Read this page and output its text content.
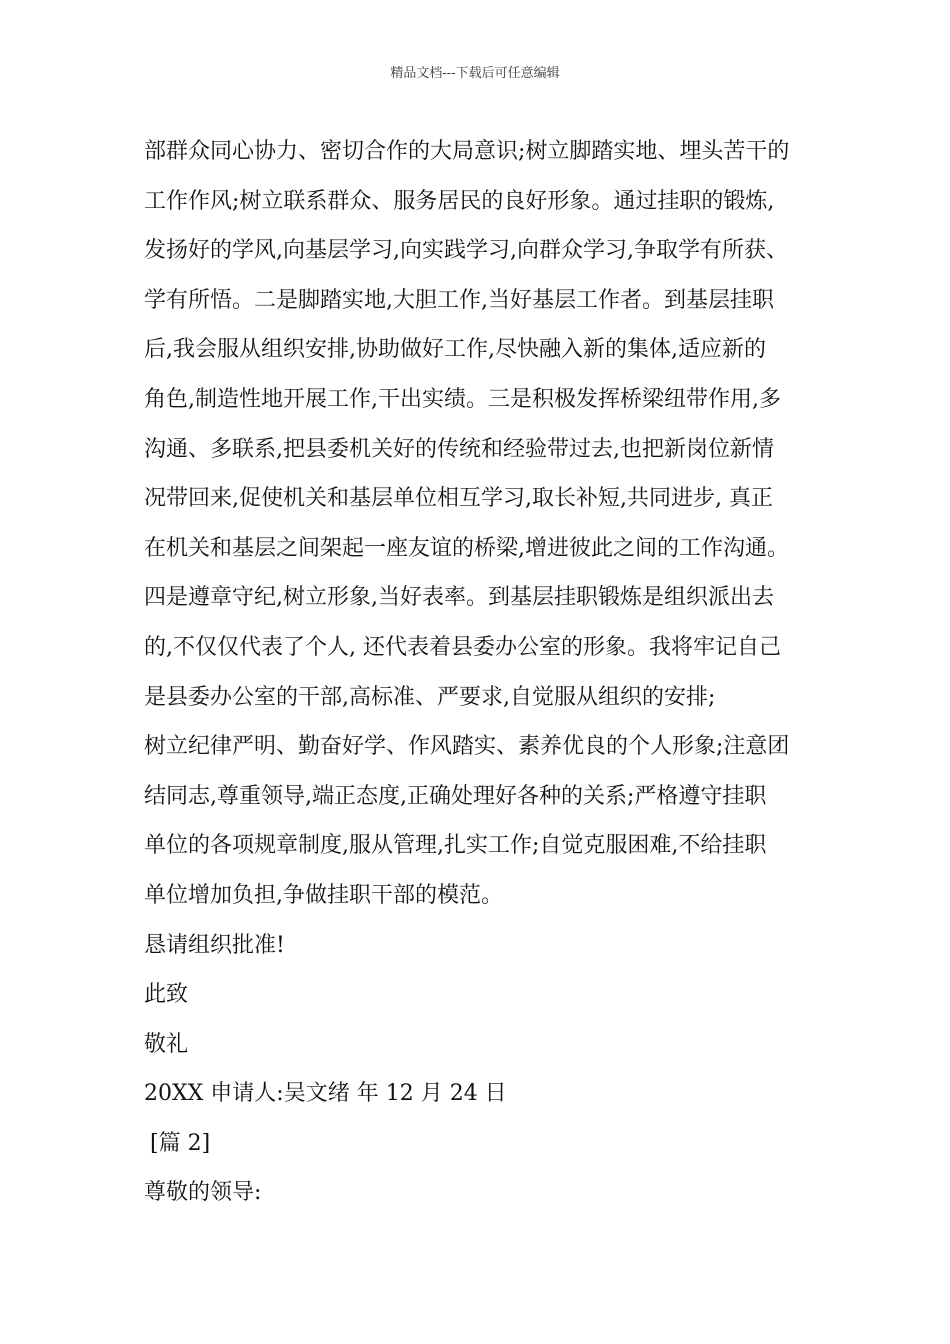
精品文档---下载后可任意编辑
部群众同心协力、密切合作的大局意识;树立脚踏实地、埋头苦干的
工作作风;树立联系群众、服务居民的良好形象。通过挂职的锻炼,
发扬好的学风,向基层学习,向实践学习,向群众学习,争取学有所获、
学有所悟。二是脚踏实地,大胆工作,当好基层工作者。到基层挂职
后,我会服从组织安排,协助做好工作,尽快融入新的集体,适应新的
角色,制造性地开展工作,干出实绩。三是积极发挥桥梁纽带作用,多
沟通、多联系,把县委机关好的传统和经验带过去,也把新岗位新情
况带回来,促使机关和基层单位相互学习,取长补短,共同进步, 真正
在机关和基层之间架起一座友谊的桥梁,增进彼此之间的工作沟通。
四是遵章守纪,树立形象,当好表率。到基层挂职锻炼是组织派出去
的,不仅仅代表了个人, 还代表着县委办公室的形象。我将牢记自己
是县委办公室的干部,高标准、严要求,自觉服从组织的安排;
树立纪律严明、勤奋好学、作风踏实、素养优良的个人形象;注意团
结同志,尊重领导,端正态度,正确处理好各种的关系;严格遵守挂职
单位的各项规章制度,服从管理,扎实工作;自觉克服困难,不给挂职
单位增加负担,争做挂职干部的模范。
恳请组织批准!
此致
敬礼
20XX 申请人:吴文绪 年 12 月 24 日
[篇 2]
尊敬的领导:
